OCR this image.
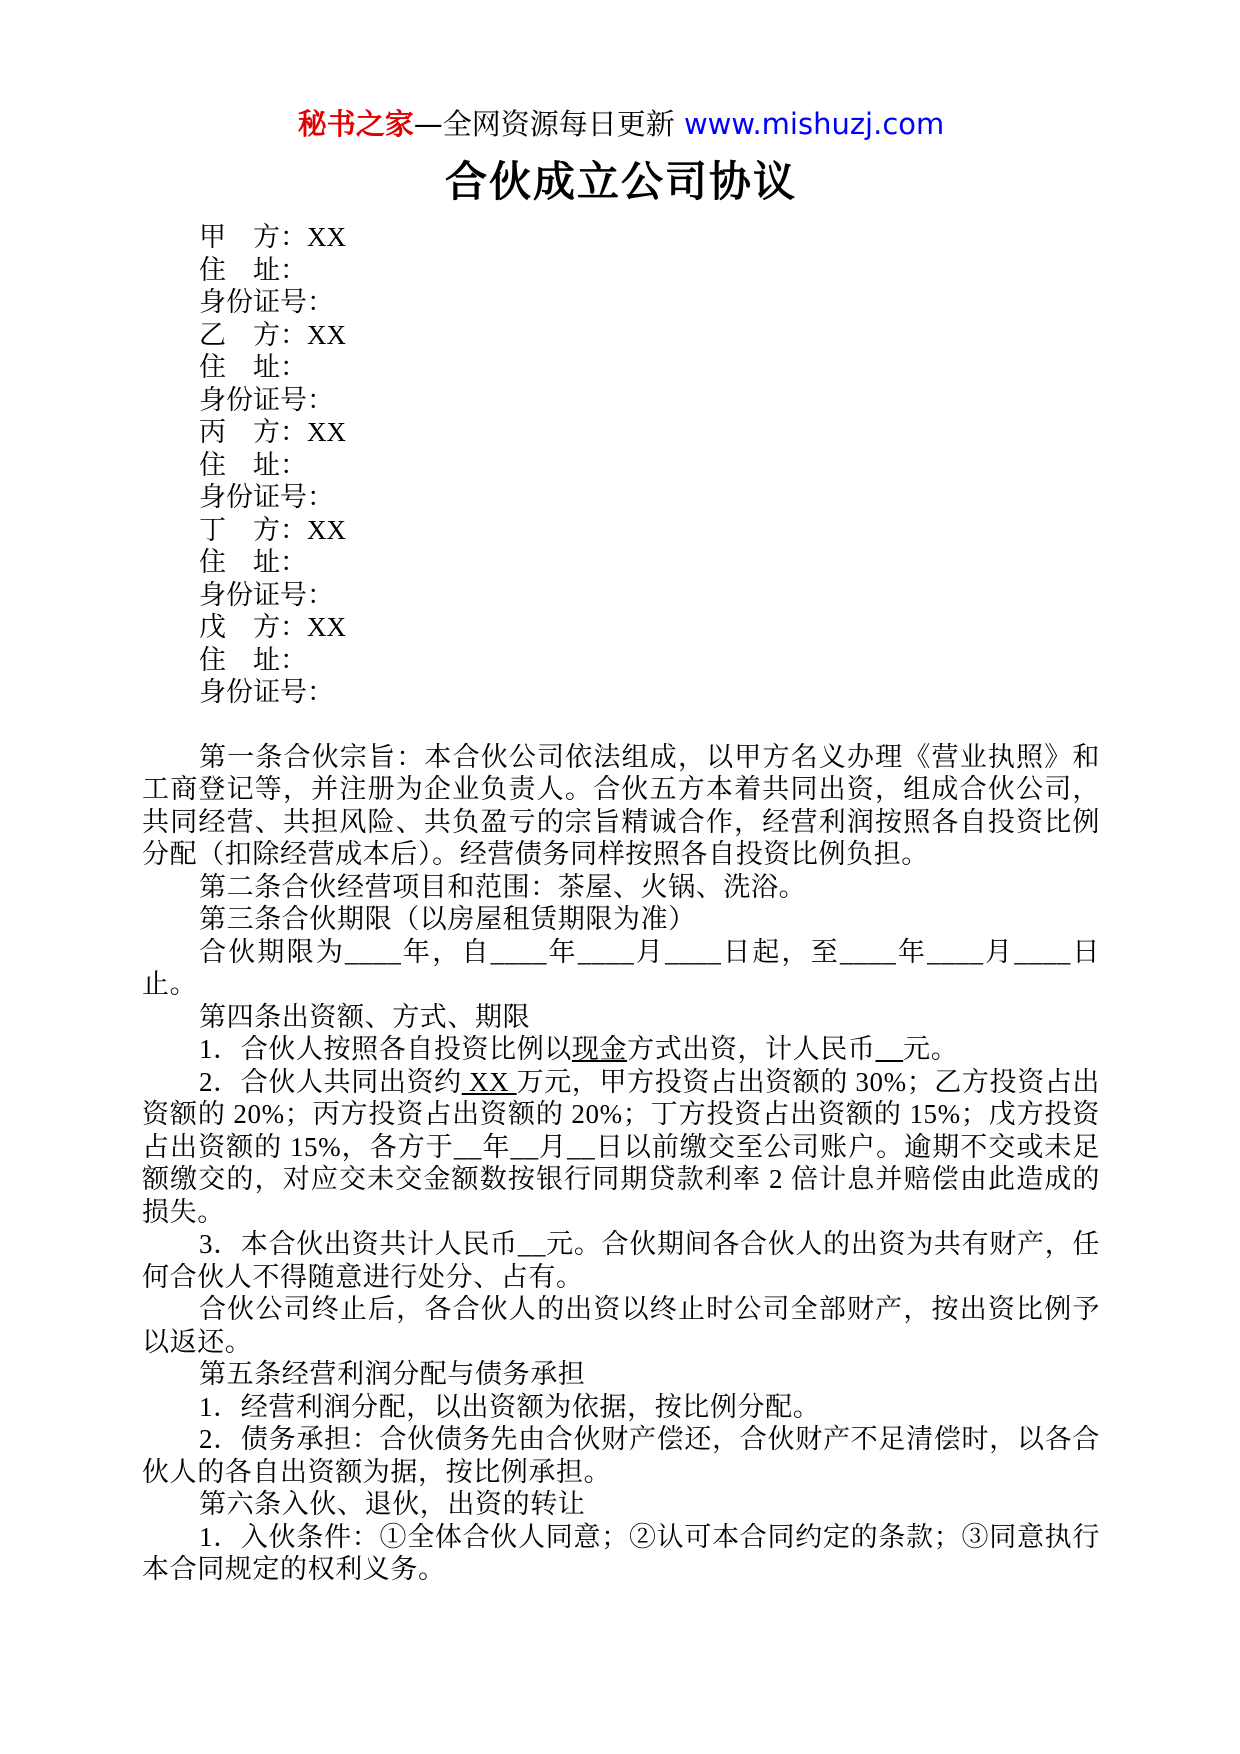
秘书之家—全网资源每日更新 www.mishuzj.com
合伙成立公司协议
甲　方：XX
住　址：
身份证号：
乙　方：XX
住　址：
身份证号：
丙　方：XX
住　址：
身份证号：
丁　方：XX
住　址：
身份证号：
戊　方：XX
住　址：
身份证号：

第一条合伙宗旨：本合伙公司依法组成，以甲方名义办理《营业执照》和工商登记等，并注册为企业负责人。合伙五方本着共同出资，组成合伙公司，共同经营、共担风险、共负盈亏的宗旨精诚合作，经营利润按照各自投资比例分配（扣除经营成本后）。经营债务同样按照各自投资比例负担。

第二条合伙经营项目和范围：茶屋、火锅、洗浴。

第三条合伙期限（以房屋租赁期限为准）

合伙期限为____年，自____年____月____日起，至____年____月____日止。

第四条出资额、方式、期限

1．合伙人按照各自投资比例以现金方式出资，计人民币　 元。

2．合伙人共同出资约 XX 万元，甲方投资占出资额的 30%；乙方投资占出资额的 20%；丙方投资占出资额的 20%；丁方投资占出资额的 15%；戊方投资占出资额的 15%，各方于__年__月__日以前缴交至公司账户。逾期不交或未足额缴交的，对应交未交金额数按银行同期贷款利率 2 倍计息并赔偿由此造成的损失。

3．本合伙出资共计人民币__元。合伙期间各合伙人的出资为共有财产，任何合伙人不得随意进行处分、占有。

合伙公司终止后，各合伙人的出资以终止时公司全部财产，按出资比例予以返还。

第五条经营利润分配与债务承担

1．经营利润分配，以出资额为依据，按比例分配。

2．债务承担：合伙债务先由合伙财产偿还，合伙财产不足清偿时，以各合伙人的各自出资额为据，按比例承担。

第六条入伙、退伙，出资的转让

1．入伙条件：①全体合伙人同意；②认可本合同约定的条款；③同意执行本合同规定的权利义务。
